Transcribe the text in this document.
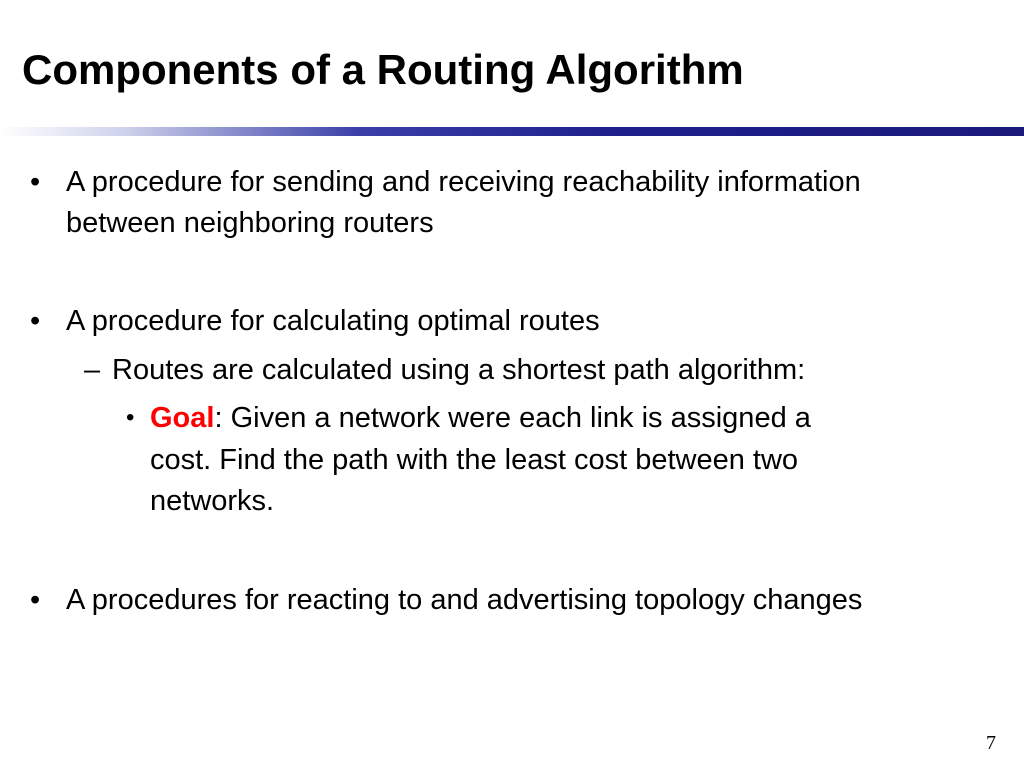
Components of a Routing Algorithm
• A procedure for sending and receiving reachability information
between neighboring routers
• A procedure for calculating optimal routes
– Routes are calculated using a shortest path algorithm:
• Goal: Given a network were each link is assigned a
cost. Find the path with the least cost between two
networks.
• A procedures for reacting to and advertising topology changes
7
